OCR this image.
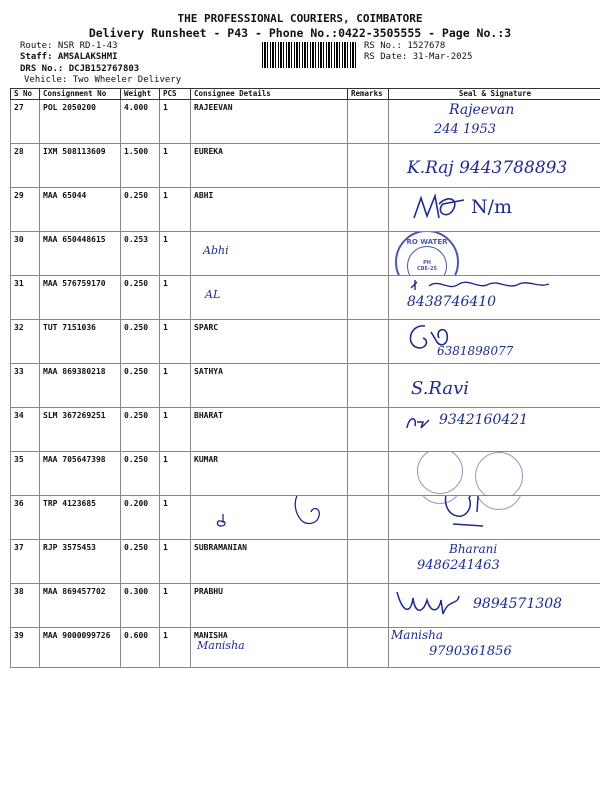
THE PROFESSIONAL COURIERS, COIMBATORE
Delivery Runsheet - P43 - Phone No.:0422-3505555 - Page No.:3
Route: NSR RD-1-43
Staff: AMSALAKSHMI
DRS No.: DCJB152767803
Vehicle: Two Wheeler Delivery
RS No.: 1527678
RS Date: 31-Mar-2025
S No	Consignment No	Weight	PCS	Consignee Details	Remarks	Seal & Signature
27	POL 2050200	4.000	1	RAJEEVAN		Rajeevan
244 1953

28	IXM 508113609	1.500	1	EUREKA		K.Raj 9443788893

29	MAA 65044	0.250	1	ABHI		N/m

30	MAA 650448615	0.253	1	Abhi		RO WATER
PH
CBE-25

31	MAA 576759170	0.250	1	AL		8438746410

32	TUT 7151036	0.250	1	SPARC		6381898077

33	MAA 869380218	0.250	1	SATHYA		S.Ravi

34	SLM 367269251	0.250	1	BHARAT		9342160421

35	MAA 705647398	0.250	1	KUMAR		

36	TRP 4123685	0.200	1	

37	RJP 3575453	0.250	1	SUBRAMANIAN		Bharani
9486241463

38	MAA 869457702	0.300	1	PRABHU		9894571308

39	MAA 9000099726	0.600	1	MANISHA
Manisha		Manisha
9790361856
